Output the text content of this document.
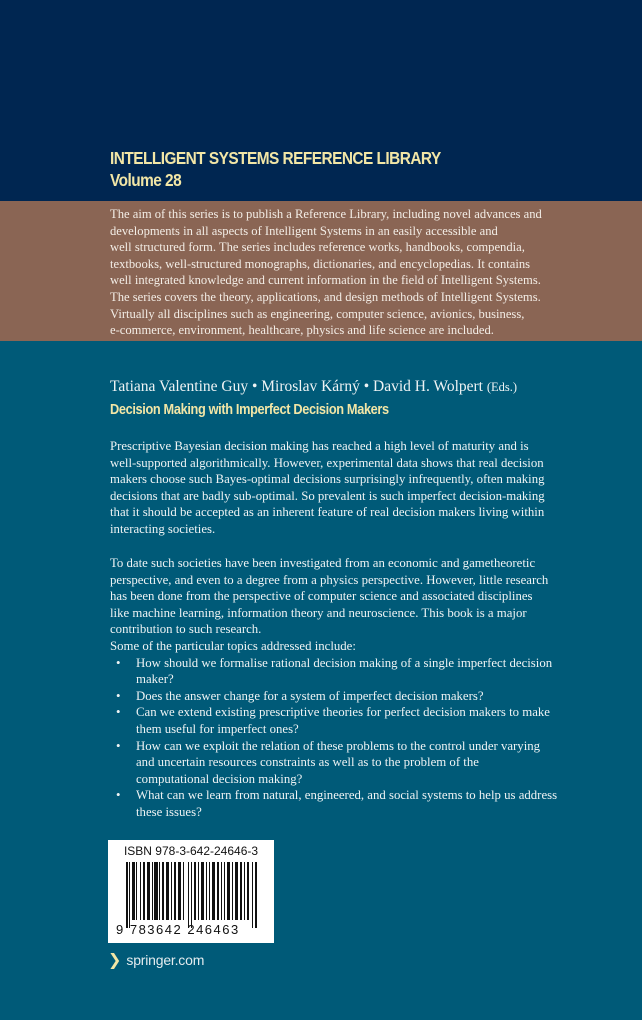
INTELLIGENT SYSTEMS REFERENCE LIBRARY
Volume 28
The aim of this series is to publish a Reference Library, including novel advances and
developments in all aspects of Intelligent Systems in an easily accessible and
well structured form. The series includes reference works, handbooks, compendia,
textbooks, well-structured monographs, dictionaries, and encyclopedias. It contains
well integrated knowledge and current information in the field of Intelligent Systems.
The series covers the theory, applications, and design methods of Intelligent Systems.
Virtually all disciplines such as engineering, computer science, avionics, business,
e-commerce, environment, healthcare, physics and life science are included.
Tatiana Valentine Guy • Miroslav Kárný • David H. Wolpert (Eds.)
Decision Making with Imperfect Decision Makers
Prescriptive Bayesian decision making has reached a high level of maturity and is
well-supported algorithmically. However, experimental data shows that real decision
makers choose such Bayes-optimal decisions surprisingly infrequently, often making
decisions that are badly sub-optimal. So prevalent is such imperfect decision-making
that it should be accepted as an inherent feature of real decision makers living within
interacting societies.
To date such societies have been investigated from an economic and gametheoretic
perspective, and even to a degree from a physics perspective. However, little research
has been done from the perspective of computer science and associated disciplines
like machine learning, information theory and neuroscience. This book is a major
contribution to such research.
Some of the particular topics addressed include:
• How should we formalise rational decision making of a single imperfect decision
maker?
• Does the answer change for a system of imperfect decision makers?
• Can we extend existing prescriptive theories for perfect decision makers to make
them useful for imperfect ones?
• How can we exploit the relation of these problems to the control under varying
and uncertain resources constraints as well as to the problem of the
computational decision making?
• What can we learn from natural, engineered, and social systems to help us address
these issues?
ISBN 978-3-642-24646-3
9 783642 246463
❯ springer.com
